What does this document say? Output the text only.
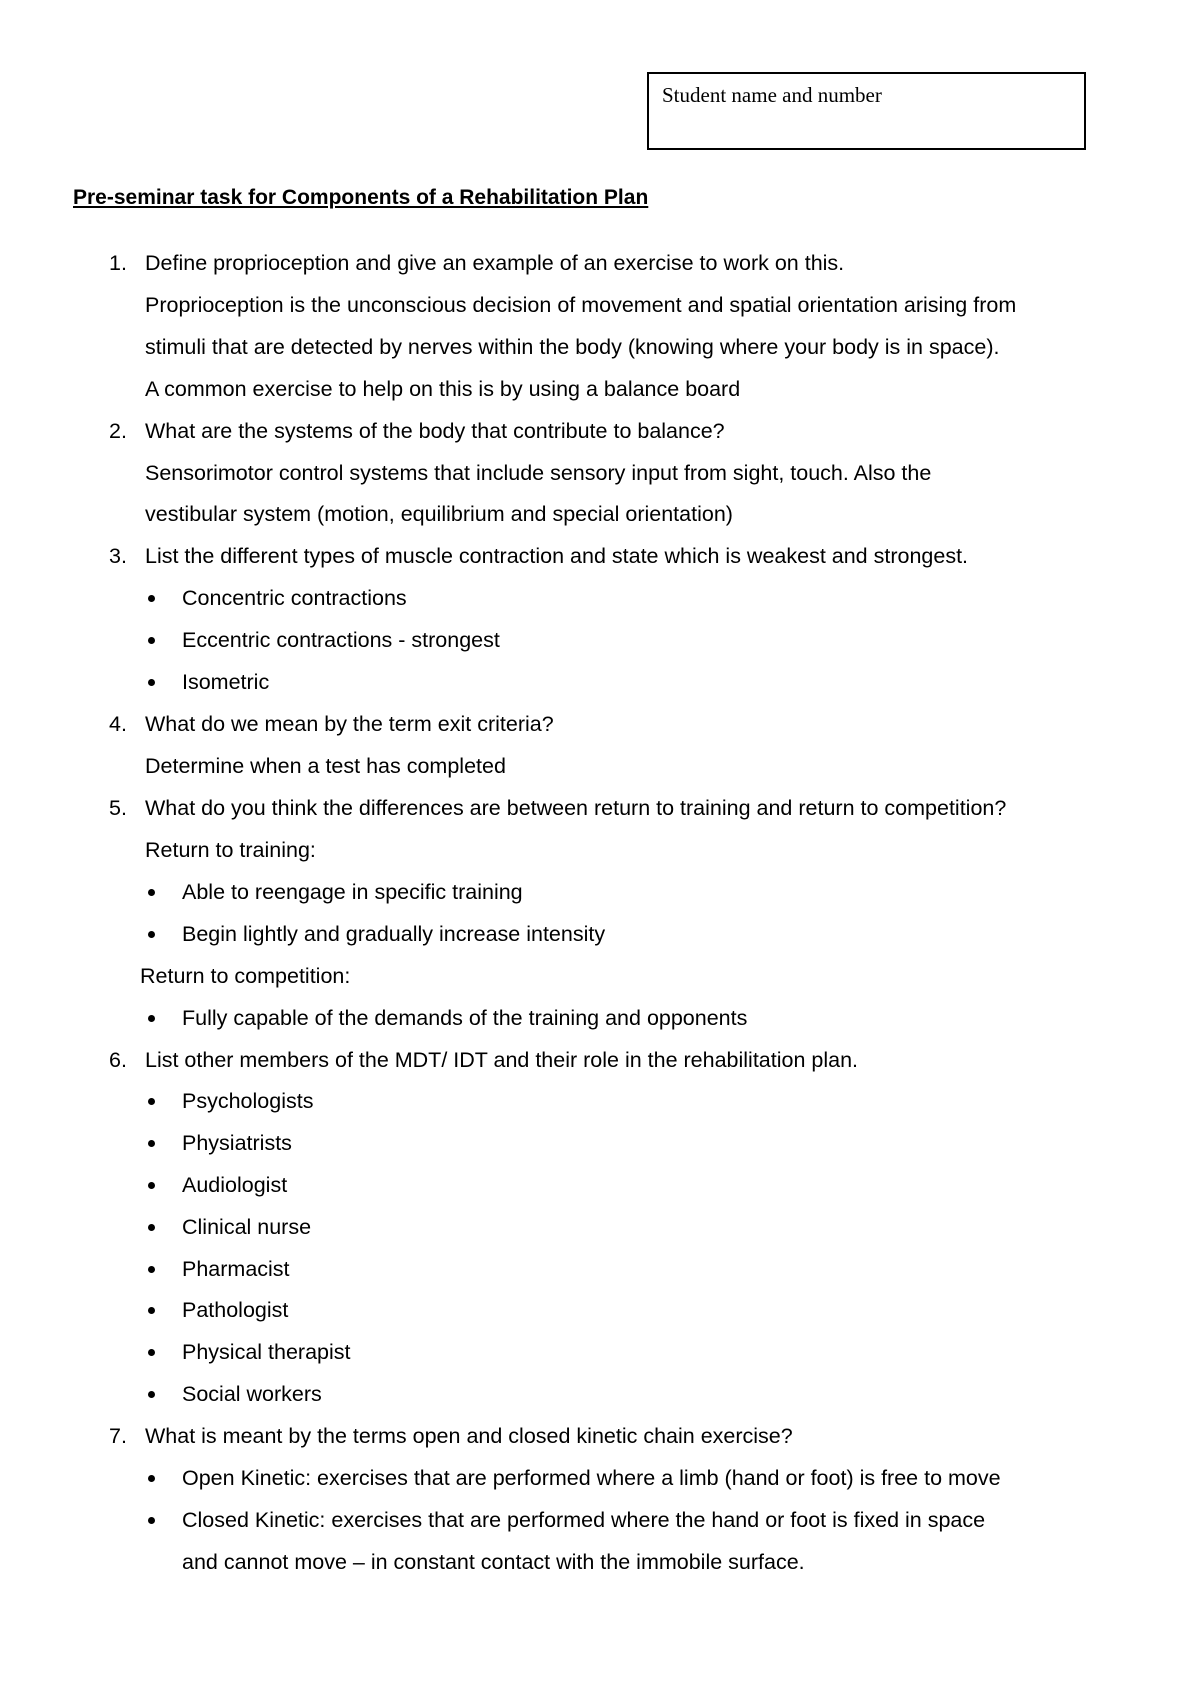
Student name and number
Pre-seminar task for Components of a Rehabilitation Plan
1. Define proprioception and give an example of an exercise to work on this.
Proprioception is the unconscious decision of movement and spatial orientation arising from
stimuli that are detected by nerves within the body (knowing where your body is in space).
A common exercise to help on this is by using a balance board
2. What are the systems of the body that contribute to balance?
Sensorimotor control systems that include sensory input from sight, touch. Also the
vestibular system (motion, equilibrium and special orientation)
3. List the different types of muscle contraction and state which is weakest and strongest.
Concentric contractions
Eccentric contractions - strongest
Isometric
4. What do we mean by the term exit criteria?
Determine when a test has completed
5. What do you think the differences are between return to training and return to competition?
Return to training:
Able to reengage in specific training
Begin lightly and gradually increase intensity
Return to competition:
Fully capable of the demands of the training and opponents
6. List other members of the MDT/ IDT and their role in the rehabilitation plan.
Psychologists
Physiatrists
Audiologist
Clinical nurse
Pharmacist
Pathologist
Physical therapist
Social workers
7. What is meant by the terms open and closed kinetic chain exercise?
Open Kinetic: exercises that are performed where a limb (hand or foot) is free to move
Closed Kinetic: exercises that are performed where the hand or foot is fixed in space
and cannot move – in constant contact with the immobile surface.
